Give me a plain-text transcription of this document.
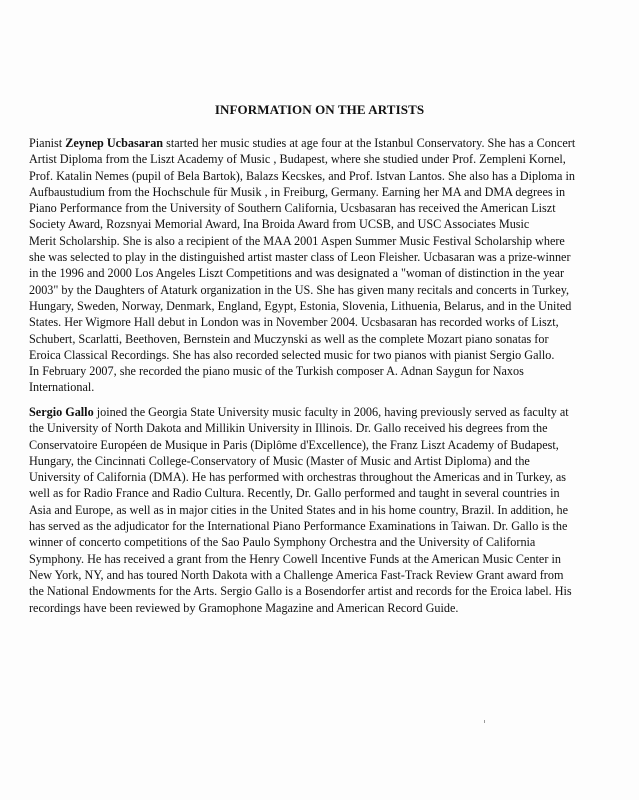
INFORMATION ON THE ARTISTS

Pianist Zeynep Ucbasaran started her music studies at age four at the Istanbul Conservatory. She has a Concert
Artist Diploma from the Liszt Academy of Music , Budapest, where she studied under Prof. Zempleni Kornel,
Prof. Katalin Nemes (pupil of Bela Bartok), Balazs Kecskes, and Prof. Istvan Lantos. She also has a Diploma in
Aufbaustudium from the Hochschule für Musik , in Freiburg, Germany. Earning her MA and DMA degrees in
Piano Performance from the University of Southern California, Ucsbasaran has received the American Liszt
Society Award, Rozsnyai Memorial Award, Ina Broida Award from UCSB, and USC Associates Music
Merit Scholarship. She is also a recipient of the MAA 2001 Aspen Summer Music Festival Scholarship where
she was selected to play in the distinguished artist master class of Leon Fleisher. Ucbasaran was a prize-winner
in the 1996 and 2000 Los Angeles Liszt Competitions and was designated a "woman of distinction in the year
2003" by the Daughters of Ataturk organization in the US. She has given many recitals and concerts in Turkey,
Hungary, Sweden, Norway, Denmark, England, Egypt, Estonia, Slovenia, Lithuenia, Belarus, and in the United
States. Her Wigmore Hall debut in London was in November 2004. Ucsbasaran has recorded works of Liszt,
Schubert, Scarlatti, Beethoven, Bernstein and Muczynski as well as the complete Mozart piano sonatas for
Eroica Classical Recordings. She has also recorded selected music for two pianos with pianist Sergio Gallo.
In February 2007, she recorded the piano music of the Turkish composer A. Adnan Saygun for Naxos
International.

Sergio Gallo joined the Georgia State University music faculty in 2006, having previously served as faculty at
the University of North Dakota and Millikin University in Illinois. Dr. Gallo received his degrees from the
Conservatoire Européen de Musique in Paris (Diplôme d'Excellence), the Franz Liszt Academy of Budapest,
Hungary, the Cincinnati College-Conservatory of Music (Master of Music and Artist Diploma) and the
University of California (DMA). He has performed with orchestras throughout the Americas and in Turkey, as
well as for Radio France and Radio Cultura. Recently, Dr. Gallo performed and taught in several countries in
Asia and Europe, as well as in major cities in the United States and in his home country, Brazil. In addition, he
has served as the adjudicator for the International Piano Performance Examinations in Taiwan. Dr. Gallo is the
winner of concerto competitions of the Sao Paulo Symphony Orchestra and the University of California
Symphony. He has received a grant from the Henry Cowell Incentive Funds at the American Music Center in
New York, NY, and has toured North Dakota with a Challenge America Fast-Track Review Grant award from
the National Endowments for the Arts. Sergio Gallo is a Bosendorfer artist and records for the Eroica label. His
recordings have been reviewed by Gramophone Magazine and American Record Guide.
